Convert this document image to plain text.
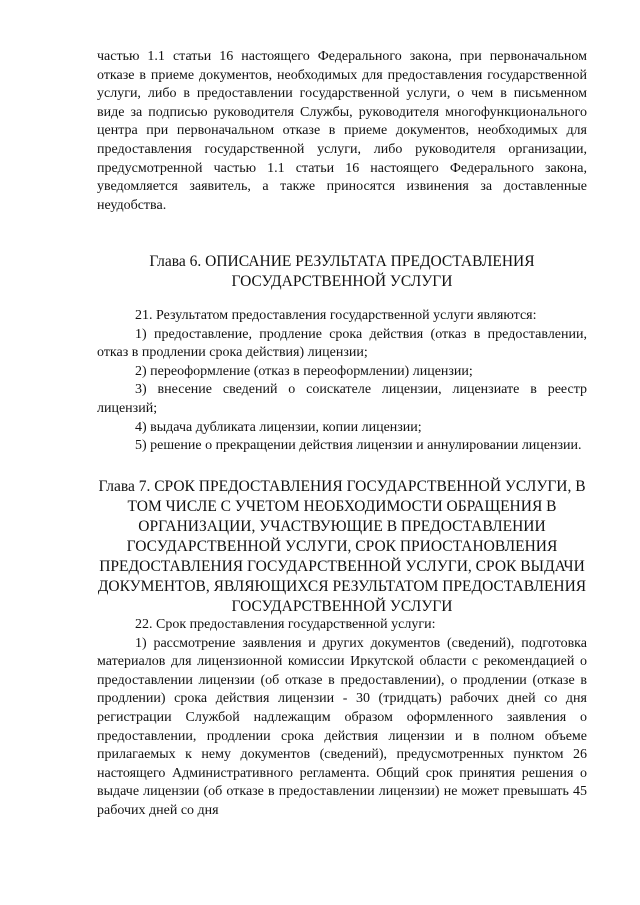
частью 1.1 статьи 16 настоящего Федерального закона, при первоначальном отказе в приеме документов, необходимых для предоставления государственной услуги, либо в предоставлении государственной услуги, о чем в письменном виде за подписью руководителя Службы, руководителя многофункционального центра при первоначальном отказе в приеме документов, необходимых для предоставления государственной услуги, либо руководителя организации, предусмотренной частью 1.1 статьи 16 настоящего Федерального закона, уведомляется заявитель, а также приносятся извинения за доставленные неудобства.

Глава 6. ОПИСАНИЕ РЕЗУЛЬТАТА ПРЕДОСТАВЛЕНИЯ ГОСУДАРСТВЕННОЙ УСЛУГИ

21. Результатом предоставления государственной услуги являются:

1) предоставление, продление срока действия (отказ в предоставлении, отказ в продлении срока действия) лицензии;

2) переоформление (отказ в переоформлении) лицензии;

3) внесение сведений о соискателе лицензии, лицензиате в реестр лицензий;

4) выдача дубликата лицензии, копии лицензии;

5) решение о прекращении действия лицензии и аннулировании лицензии.

Глава 7. СРОК ПРЕДОСТАВЛЕНИЯ ГОСУДАРСТВЕННОЙ УСЛУГИ, В ТОМ ЧИСЛЕ С УЧЕТОМ НЕОБХОДИМОСТИ ОБРАЩЕНИЯ В ОРГАНИЗАЦИИ, УЧАСТВУЮЩИЕ В ПРЕДОСТАВЛЕНИИ ГОСУДАРСТВЕННОЙ УСЛУГИ, СРОК ПРИОСТАНОВЛЕНИЯ ПРЕДОСТАВЛЕНИЯ ГОСУДАРСТВЕННОЙ УСЛУГИ, СРОК ВЫДАЧИ ДОКУМЕНТОВ, ЯВЛЯЮЩИХСЯ РЕЗУЛЬТАТОМ ПРЕДОСТАВЛЕНИЯ ГОСУДАРСТВЕННОЙ УСЛУГИ

22. Срок предоставления государственной услуги:

1) рассмотрение заявления и других документов (сведений), подготовка материалов для лицензионной комиссии Иркутской области с рекомендацией о предоставлении лицензии (об отказе в предоставлении), о продлении (отказе в продлении) срока действия лицензии - 30 (тридцать) рабочих дней со дня регистрации Службой надлежащим образом оформленного заявления о предоставлении, продлении срока действия лицензии и в полном объеме прилагаемых к нему документов (сведений), предусмотренных пунктом 26 настоящего Административного регламента. Общий срок принятия решения о выдаче лицензии (об отказе в предоставлении лицензии) не может превышать 45 рабочих дней со дня
